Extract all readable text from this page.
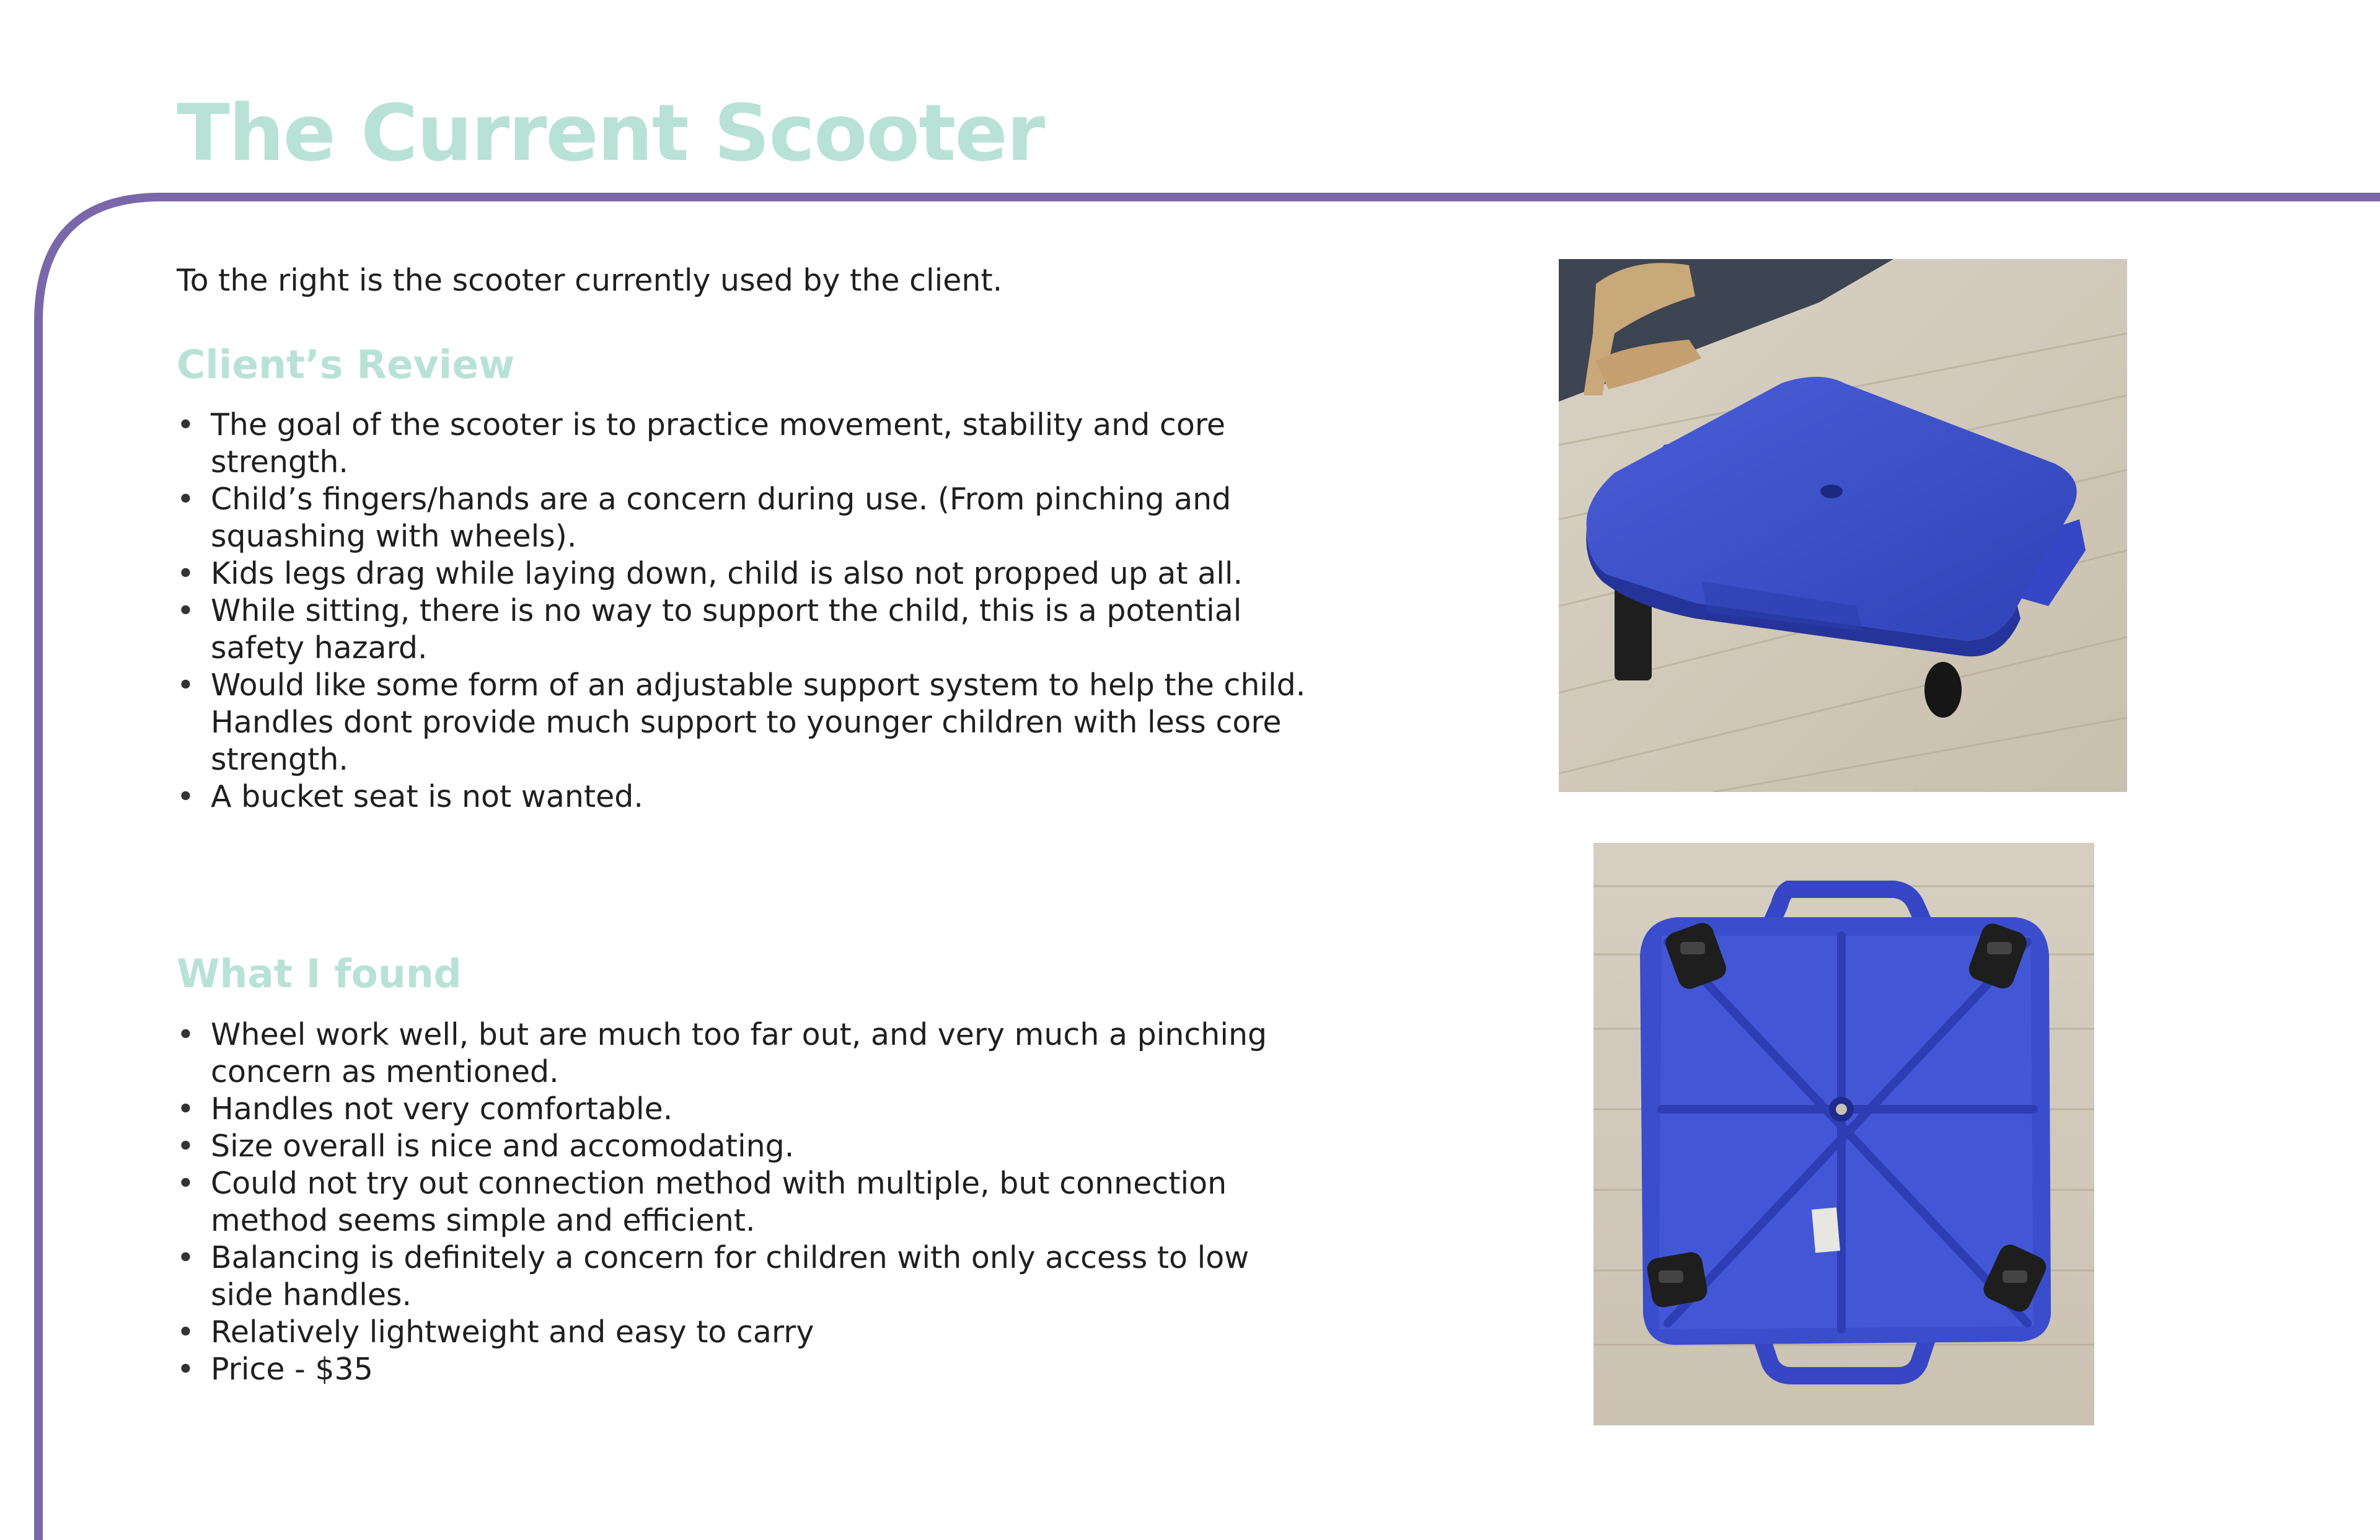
The Current Scooter

To the right is the scooter currently used by the client.

Client’s Review
• The goal of the scooter is to practice movement, stability and core strength.
• Child’s fingers/hands are a concern during use. (From pinching and squashing with wheels).
• Kids legs drag while laying down, child is also not propped up at all.
• While sitting, there is no way to support the child, this is a potential safety hazard.
• Would like some form of an adjustable support system to help the child. Handles dont provide much support to younger children with less core strength.
• A bucket seat is not wanted.
What I found
• Wheel work well, but are much too far out, and very much a pinching concern as mentioned.
• Handles not very comfortable.
• Size overall is nice and accomodating.
• Could not try out connection method with multiple, but connection method seems simple and efficient.
• Balancing is definitely a concern for children with only access to low side handles.
• Relatively lightweight and easy to carry
• Price - $35
